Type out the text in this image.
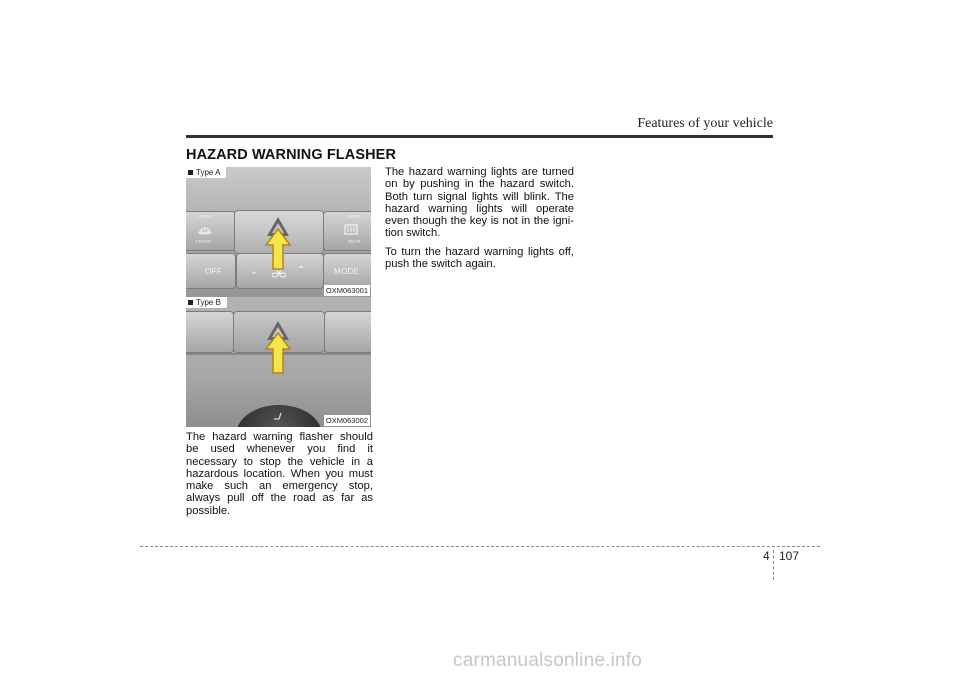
Features of your vehicle
HAZARD WARNING FLASHER
REAR
FRONT
REAR
REAR
OFF	⌄	⌃	MODE
Type A
OXM063001
Type B
OXM063002
The hazard warning flasher should be used whenever you find it necessary to stop the vehicle in a hazardous location. When you must make such an emergency stop, always pull off the road as far as possible.

The hazard warning lights are turned on by pushing in the hazard switch. Both turn signal lights will blink. The hazard warning lights will operate even though the key is not in the igni-tion switch.

To turn the hazard warning lights off, push the switch again.

4 107
carmanualsonline.info
